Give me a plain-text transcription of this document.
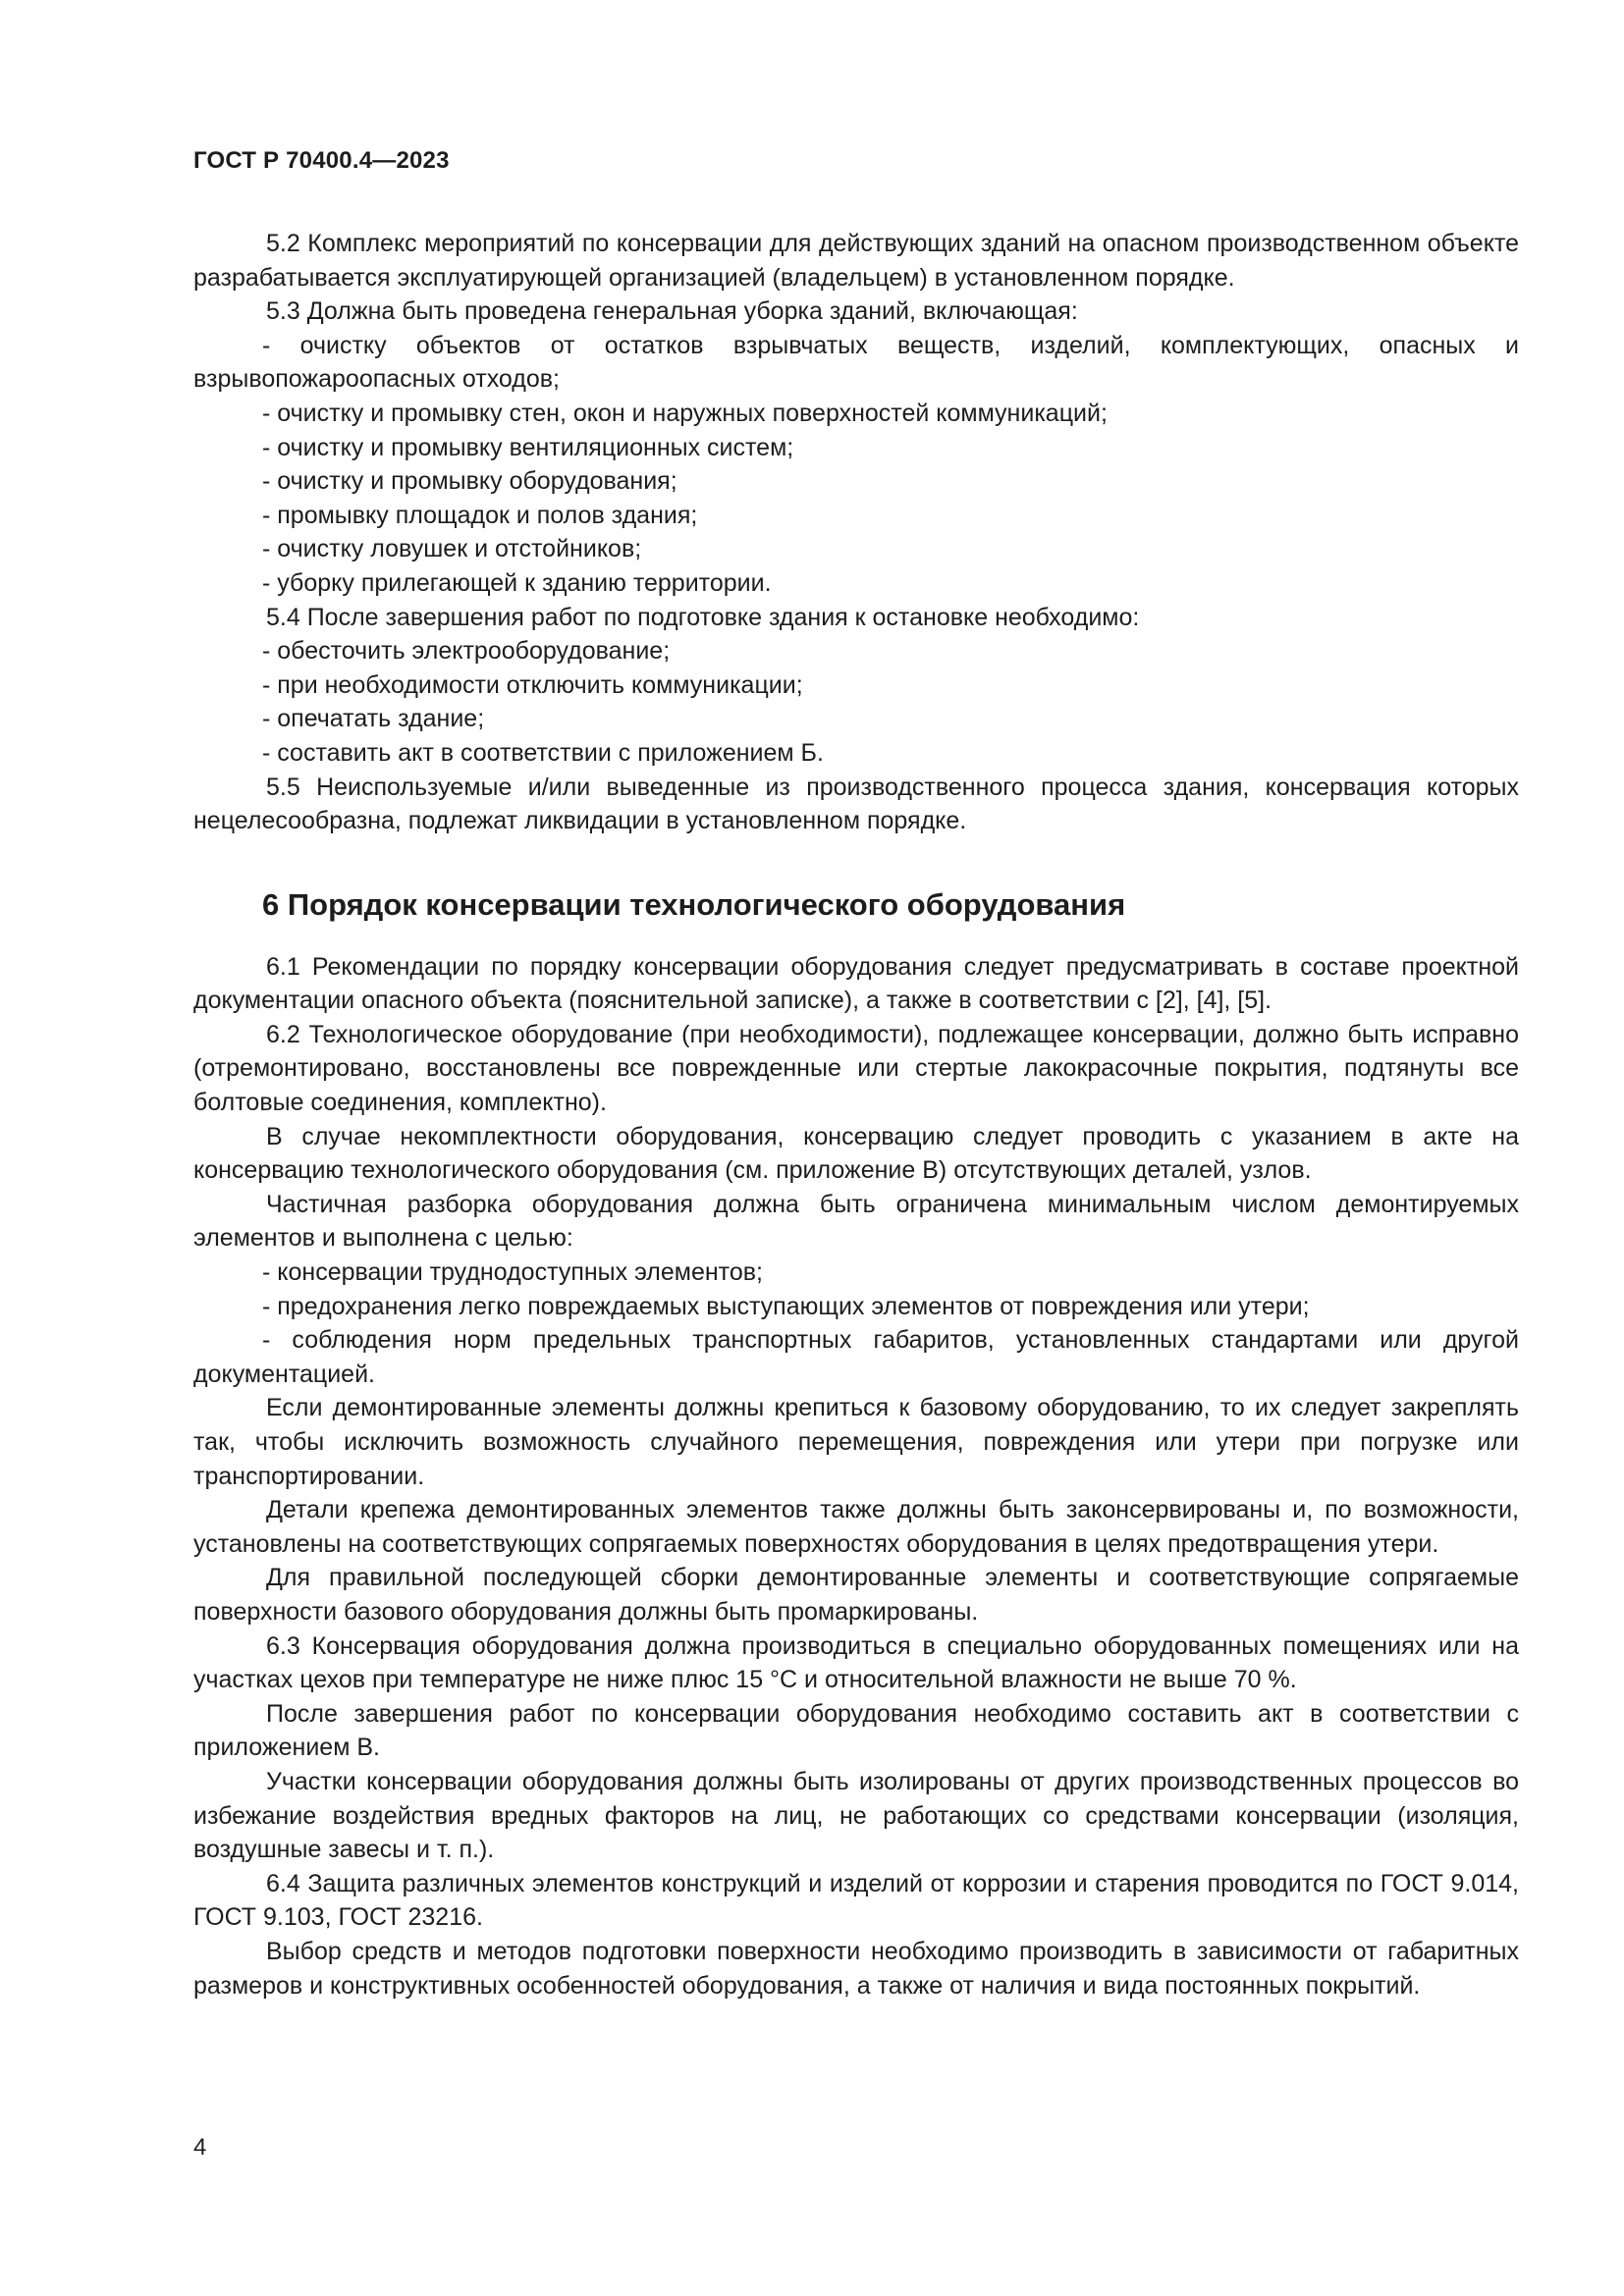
ГОСТ Р 70400.4—2023

5.2 Комплекс мероприятий по консервации для действующих зданий на опасном производственном объекте разрабатывается эксплуатирующей организацией (владельцем) в установленном порядке.

5.3 Должна быть проведена генеральная уборка зданий, включающая:

- очистку объектов от остатков взрывчатых веществ, изделий, комплектующих, опасных и взрывопожароопасных отходов;

- очистку и промывку стен, окон и наружных поверхностей коммуникаций;

- очистку и промывку вентиляционных систем;

- очистку и промывку оборудования;

- промывку площадок и полов здания;

- очистку ловушек и отстойников;

- уборку прилегающей к зданию территории.

5.4 После завершения работ по подготовке здания к остановке необходимо:

- обесточить электрооборудование;

- при необходимости отключить коммуникации;

- опечатать здание;

- составить акт в соответствии с приложением Б.

5.5 Неиспользуемые и/или выведенные из производственного процесса здания, консервация которых нецелесообразна, подлежат ликвидации в установленном порядке.

6 Порядок консервации технологического оборудования

6.1 Рекомендации по порядку консервации оборудования следует предусматривать в составе проектной документации опасного объекта (пояснительной записке), а также в соответствии с [2], [4], [5].

6.2 Технологическое оборудование (при необходимости), подлежащее консервации, должно быть исправно (отремонтировано, восстановлены все поврежденные или стертые лакокрасочные покрытия, подтянуты все болтовые соединения, комплектно).

В случае некомплектности оборудования, консервацию следует проводить с указанием в акте на консервацию технологического оборудования (см. приложение В) отсутствующих деталей, узлов.

Частичная разборка оборудования должна быть ограничена минимальным числом демонтируемых элементов и выполнена с целью:

- консервации труднодоступных элементов;

- предохранения легко повреждаемых выступающих элементов от повреждения или утери;

- соблюдения норм предельных транспортных габаритов, установленных стандартами или другой документацией.

Если демонтированные элементы должны крепиться к базовому оборудованию, то их следует закреплять так, чтобы исключить возможность случайного перемещения, повреждения или утери при погрузке или транспортировании.

Детали крепежа демонтированных элементов также должны быть законсервированы и, по возможности, установлены на соответствующих сопрягаемых поверхностях оборудования в целях предотвращения утери.

Для правильной последующей сборки демонтированные элементы и соответствующие сопрягаемые поверхности базового оборудования должны быть промаркированы.

6.3 Консервация оборудования должна производиться в специально оборудованных помещениях или на участках цехов при температуре не ниже плюс 15 °C и относительной влажности не выше 70 %.

После завершения работ по консервации оборудования необходимо составить акт в соответствии с приложением В.

Участки консервации оборудования должны быть изолированы от других производственных процессов во избежание воздействия вредных факторов на лиц, не работающих со средствами консервации (изоляция, воздушные завесы и т. п.).

6.4 Защита различных элементов конструкций и изделий от коррозии и старения проводится по ГОСТ 9.014, ГОСТ 9.103, ГОСТ 23216.

Выбор средств и методов подготовки поверхности необходимо производить в зависимости от габаритных размеров и конструктивных особенностей оборудования, а также от наличия и вида постоянных покрытий.

4
